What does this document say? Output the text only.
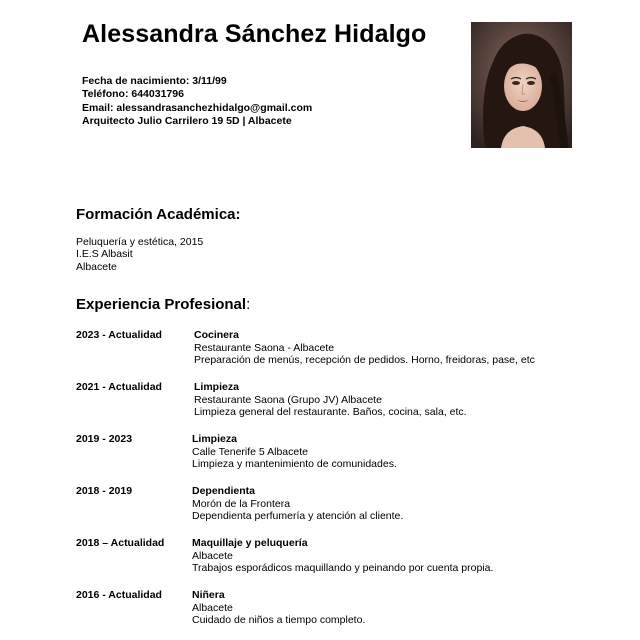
Alessandra Sánchez Hidalgo
Fecha de nacimiento: 3/11/99
Teléfono: 644031796
Email: alessandrasanchezhidalgo@gmail.com
Arquitecto Julio Carrilero 19 5D | Albacete
Formación Académica:
Peluquería y estética, 2015
I.E.S Albasit
Albacete
Experiencia Profesional:
2023 - Actualidad	Cocinera
Restaurante Saona - Albacete
Preparación de menús, recepción de pedidos. Horno, freidoras, pase, etc
2021 - Actualidad	Limpieza
Restaurante Saona (Grupo JV) Albacete
Limpieza general del restaurante. Baños, cocina, sala, etc.
2019 - 2023	Limpieza
Calle Tenerife 5 Albacete
Limpieza y mantenimiento de comunidades.
2018 - 2019	Dependienta
Morón de la Frontera
Dependienta perfumería y atención al cliente.
2018 – Actualidad	Maquillaje y peluquería
Albacete
Trabajos esporádicos maquillando y peinando por cuenta propia.
2016 - Actualidad	Niñera
Albacete
Cuidado de niños a tiempo completo.
